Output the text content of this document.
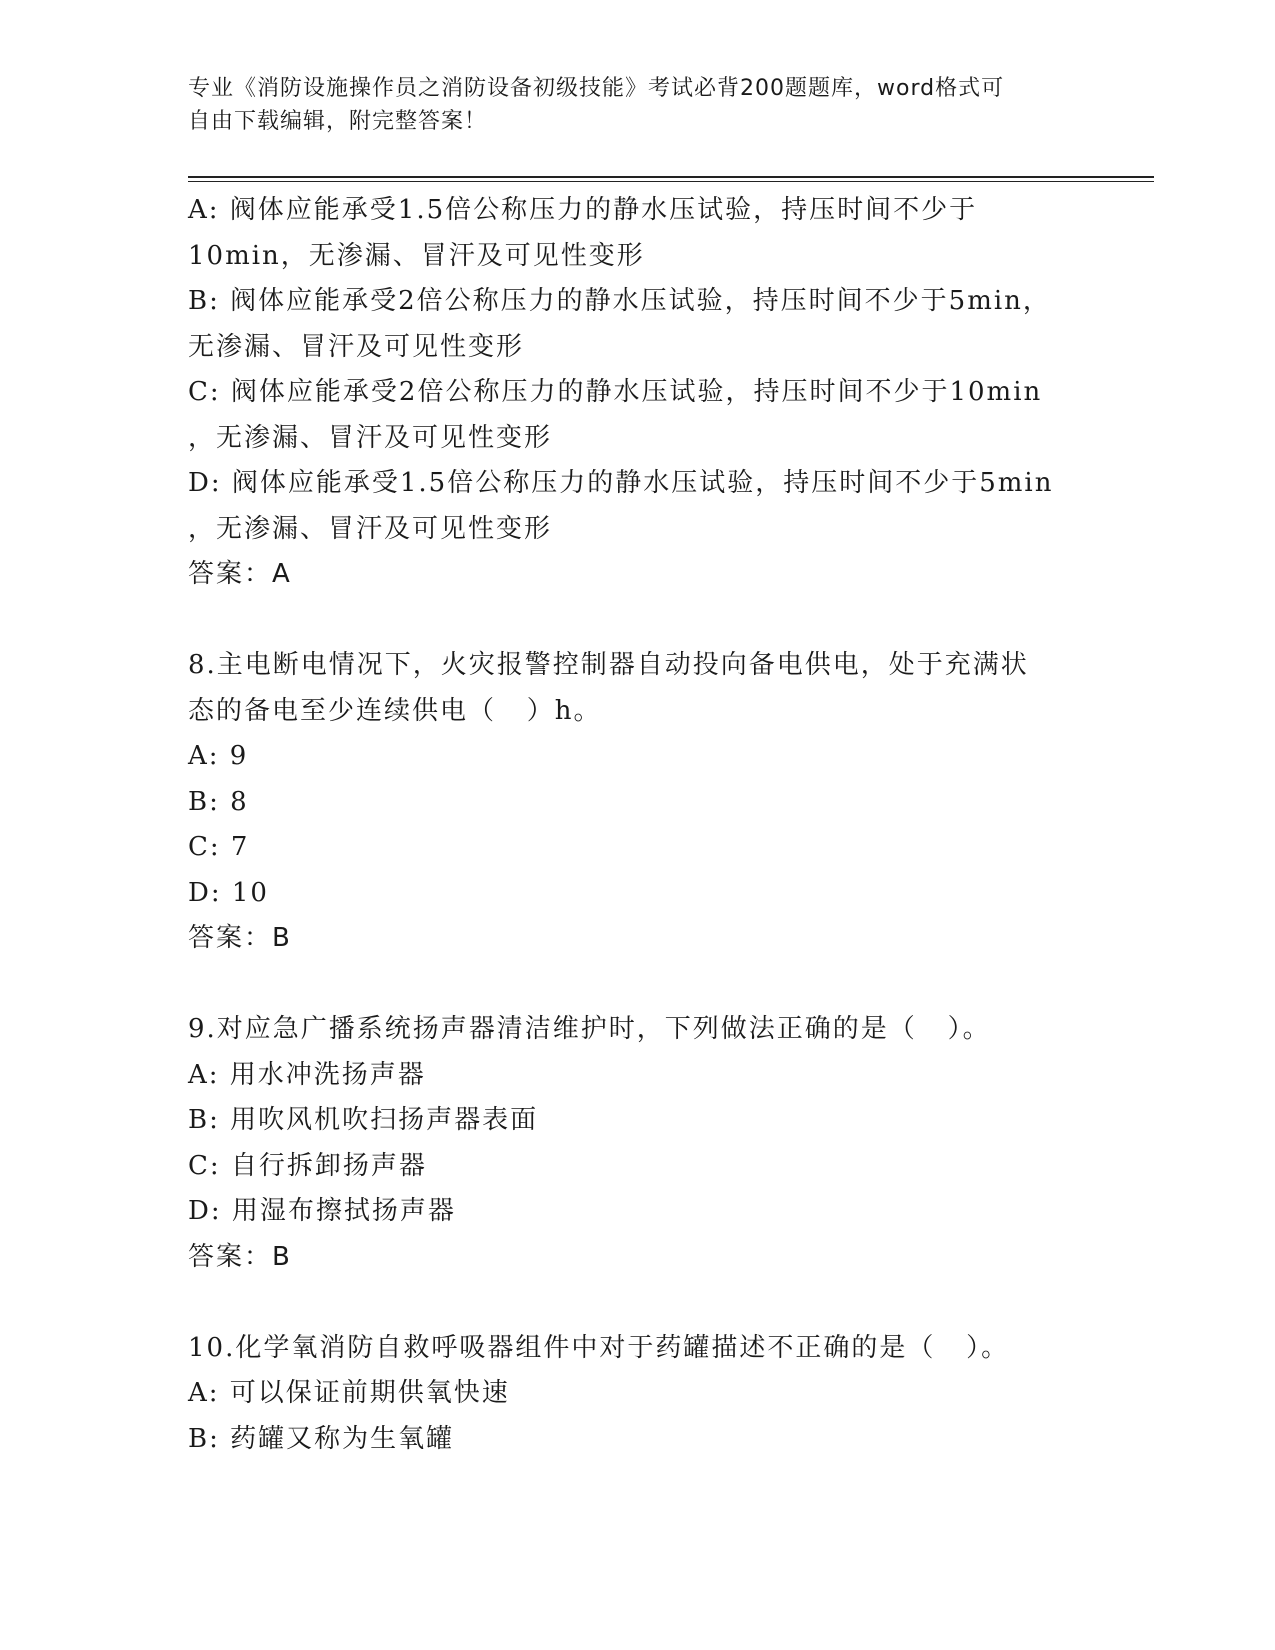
专业《消防设施操作员之消防设备初级技能》考试必背200题题库，word格式可
自由下载编辑，附完整答案！
A: 阀体应能承受1.5倍公称压力的静水压试验，持压时间不少于
10min，无渗漏、冒汗及可见性变形
B: 阀体应能承受2倍公称压力的静水压试验，持压时间不少于5min，
无渗漏、冒汗及可见性变形
C: 阀体应能承受2倍公称压力的静水压试验，持压时间不少于10min
，无渗漏、冒汗及可见性变形
D: 阀体应能承受1.5倍公称压力的静水压试验，持压时间不少于5min
，无渗漏、冒汗及可见性变形
答案：A
8.主电断电情况下，火灾报警控制器自动投向备电供电，处于充满状
态的备电至少连续供电（   ）h。
A: 9
B: 8
C: 7
D: 10
答案：B
9.对应急广播系统扬声器清洁维护时，下列做法正确的是（   ）。
A: 用水冲洗扬声器
B: 用吹风机吹扫扬声器表面
C: 自行拆卸扬声器
D: 用湿布擦拭扬声器
答案：B
10.化学氧消防自救呼吸器组件中对于药罐描述不正确的是（   ）。
A: 可以保证前期供氧快速
B: 药罐又称为生氧罐
